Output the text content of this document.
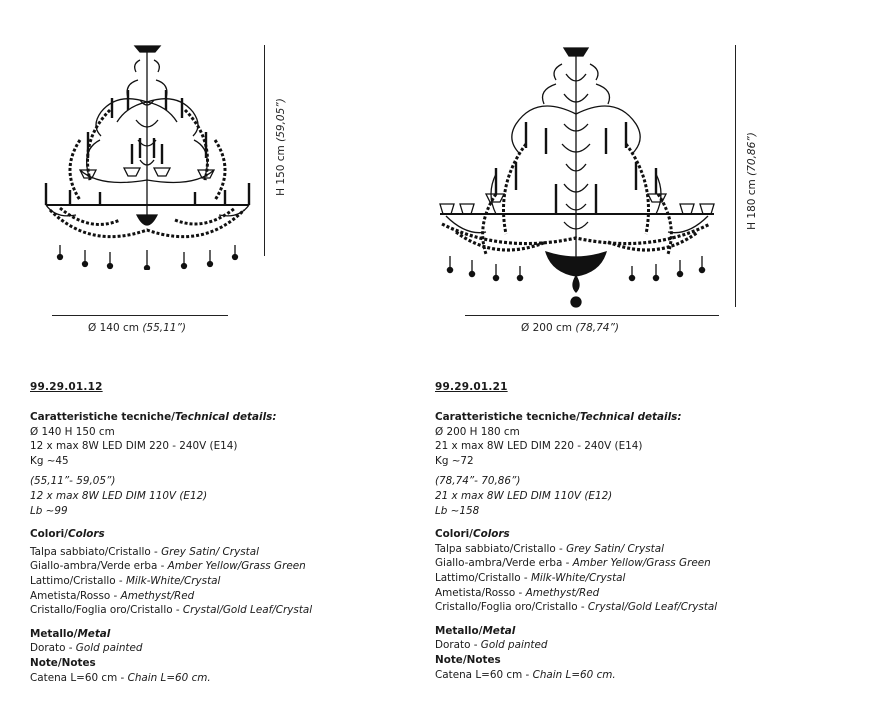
H 150 cm (59,05”)
Ø 140 cm (55,11”)
H 180 cm (70,86”)
Ø 200 cm (78,74”)
99.29.01.12

Caratteristiche tecniche/Technical details:

Ø 140 H 150 cm

12 x max 8W LED DIM 220 - 240V (E14)

Kg ~45

(55,11”- 59,05”)

12 x max 8W LED DIM 110V (E12)

Lb ~99

Colori/Colors

Talpa sabbiato/Cristallo - Grey Satin/ Crystal

Giallo-ambra/Verde erba - Amber Yellow/Grass Green

Lattimo/Cristallo - Milk-White/Crystal

Ametista/Rosso - Amethyst/Red

Cristallo/Foglia oro/Cristallo - Crystal/Gold Leaf/Crystal

Metallo/Metal

Dorato - Gold painted

Note/Notes

Catena L=60 cm - Chain L=60 cm.

99.29.01.21

Caratteristiche tecniche/Technical details:

Ø 200 H 180 cm

21 x max 8W LED DIM 220 - 240V (E14)

Kg ~72

(78,74”- 70,86”)

21 x max 8W LED DIM 110V (E12)

Lb ~158

Colori/Colors

Talpa sabbiato/Cristallo - Grey Satin/ Crystal

Giallo-ambra/Verde erba - Amber Yellow/Grass Green

Lattimo/Cristallo - Milk-White/Crystal

Ametista/Rosso - Amethyst/Red

Cristallo/Foglia oro/Cristallo - Crystal/Gold Leaf/Crystal

Metallo/Metal

Dorato - Gold painted

Note/Notes

Catena L=60 cm - Chain L=60 cm.
